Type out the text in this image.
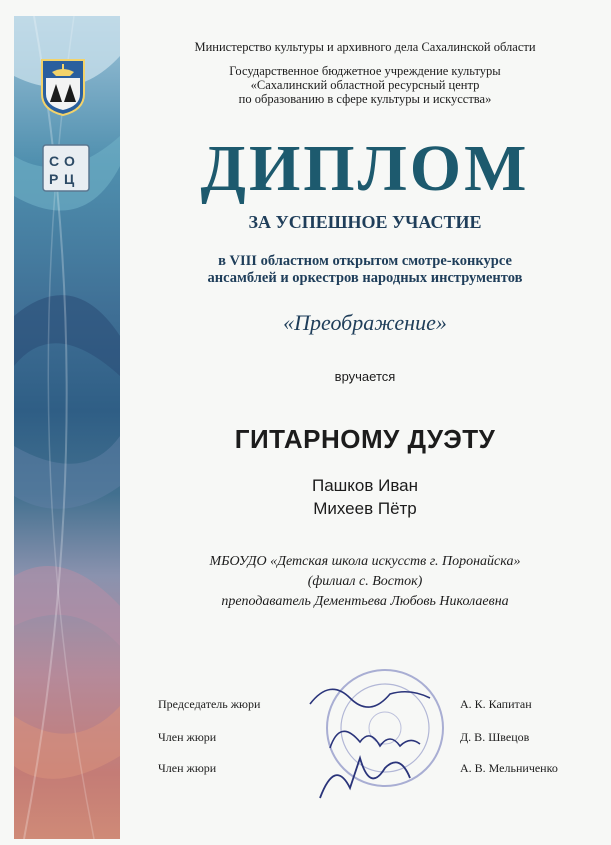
С О
Р Ц
Министерство культуры и архивного дела Сахалинской области
Государственное бюджетное учреждение культуры
«Сахалинский областной ресурсный центр
по образованию в сфере культуры и искусства»
ДИПЛОМ
ЗА УСПЕШНОЕ УЧАСТИЕ
в VIII областном открытом смотре-конкурсе
ансамблей и оркестров народных инструментов
«Преображение»
вручается
ГИТАРНОМУ ДУЭТУ
Пашков Иван
Михеев Пётр
МБОУДО «Детская школа искусств г. Поронайска»
(филиал с. Восток)
преподаватель Дементьева Любовь Николаевна
Председатель жюри	А. К. Капитан
Член жюри	Д. В. Швецов
Член жюри	А. В. Мельниченко
